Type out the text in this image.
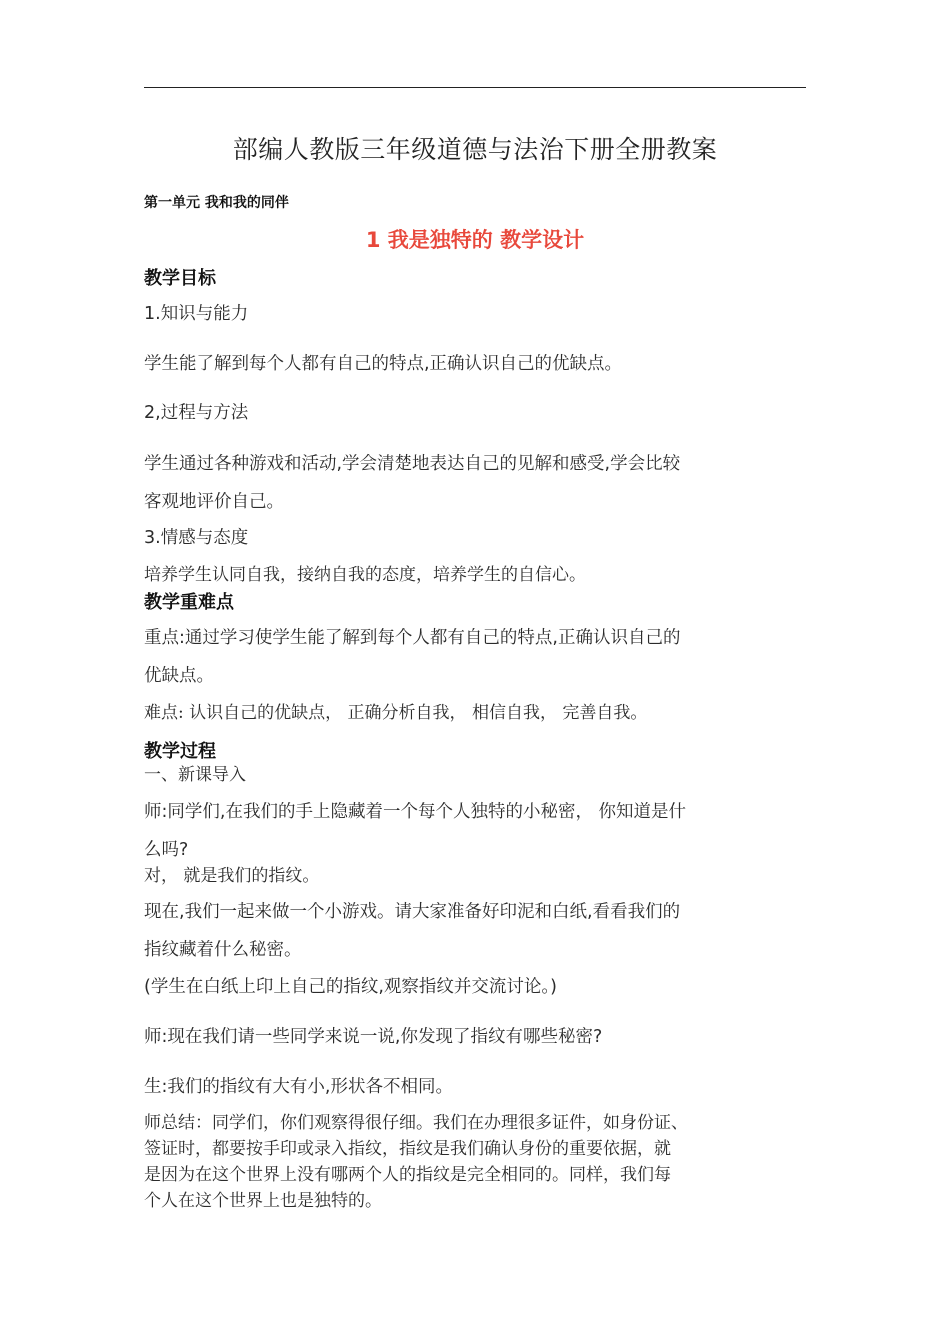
部编人教版三年级道德与法治下册全册教案
第一单元 我和我的同伴
1 我是独特的 教学设计
教学目标
1.知识与能力
学生能了解到每个人都有自己的特点,正确认识自己的优缺点。
2,过程与方法
学生通过各种游戏和活动,学会清楚地表达自己的见解和感受,学会比较
客观地评价自己。
3.情感与态度
培养学生认同自我，接纳自我的态度，培养学生的自信心。
教学重难点
重点:通过学习使学生能了解到每个人都有自己的特点,正确认识自己的
优缺点。
难点: 认识自己的优缺点， 正确分析自我， 相信自我， 完善自我。
教学过程
一、新课导入
师:同学们,在我们的手上隐藏着一个每个人独特的小秘密， 你知道是什
么吗?
对， 就是我们的指纹。
现在,我们一起来做一个小游戏。请大家准备好印泥和白纸,看看我们的
指纹藏着什么秘密。
(学生在白纸上印上自己的指纹,观察指纹并交流讨论。)
师:现在我们请一些同学来说一说,你发现了指纹有哪些秘密?
生:我们的指纹有大有小,形状各不相同。
师总结：同学们，你们观察得很仔细。我们在办理很多证件，如身份证、
签证时，都要按手印或录入指纹，指纹是我们确认身份的重要依据，就
是因为在这个世界上没有哪两个人的指纹是完全相同的。同样，我们每
个人在这个世界上也是独特的。
